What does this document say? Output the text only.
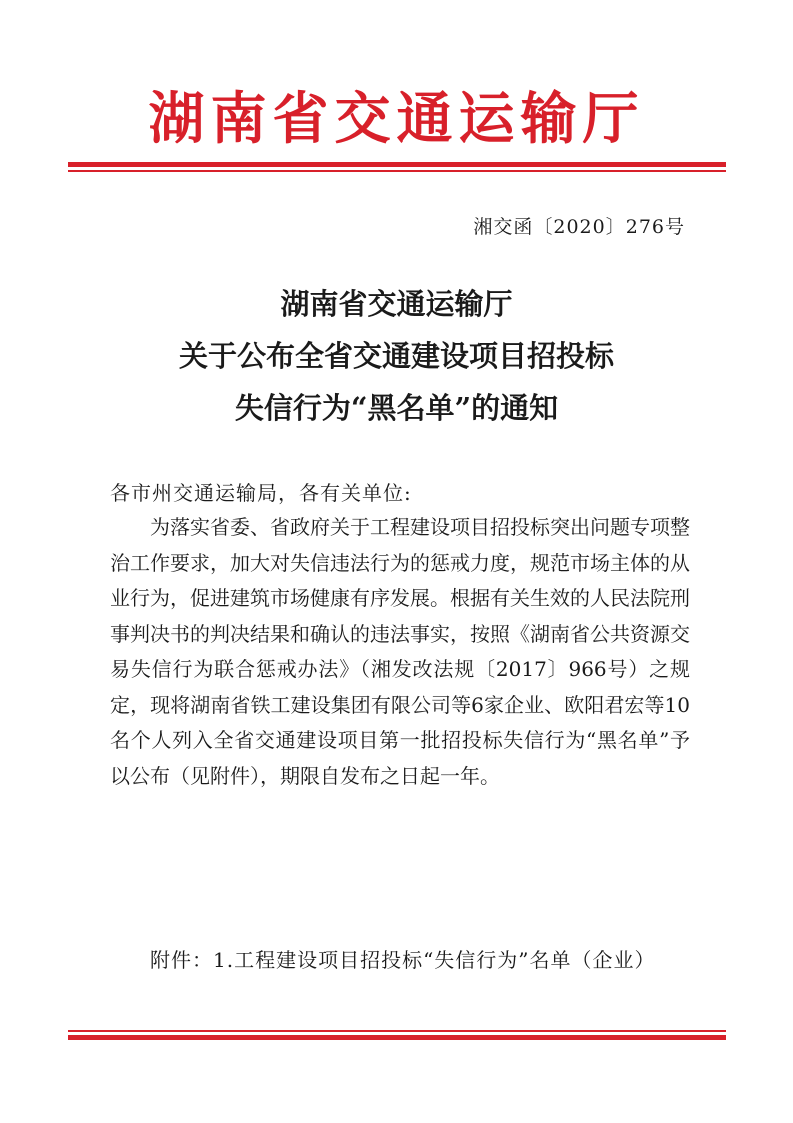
湖南省交通运输厅
湘交函〔2020〕276号
湖南省交通运输厅
关于公布全省交通建设项目招投标
失信行为“黑名单”的通知
各市州交通运输局，各有关单位:

为落实省委、省政府关于工程建设项目招投标突出问题专项整治工作要求，加大对失信违法行为的惩戒力度，规范市场主体的从业行为，促进建筑市场健康有序发展。根据有关生效的人民法院刑事判决书的判决结果和确认的违法事实，按照《湖南省公共资源交易失信行为联合惩戒办法》（湘发改法规〔2017〕966号）之规定，现将湖南省铁工建设集团有限公司等6家企业、欧阳君宏等10名个人列入全省交通建设项目第一批招投标失信行为“黑名单”予以公布（见附件），期限自发布之日起一年。

附件：1.工程建设项目招投标“失信行为”名单（企业）
